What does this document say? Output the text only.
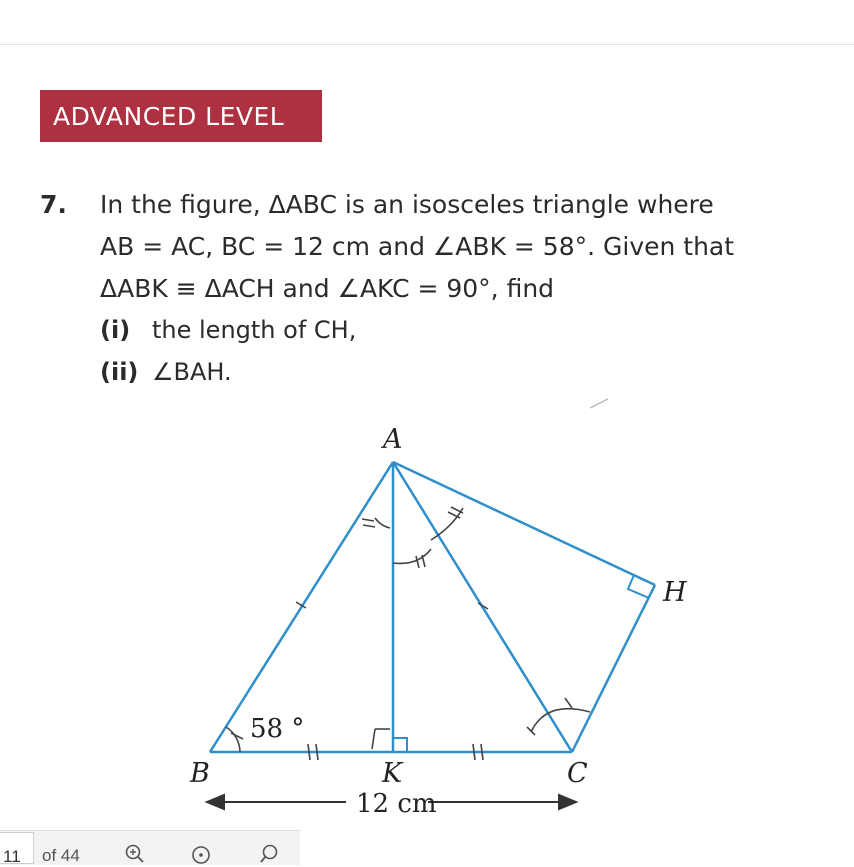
ADVANCED LEVEL
7. In the figure, ΔABC is an isosceles triangle where
AB = AC, BC = 12 cm and ∠ABK = 58°. Given that
ΔABK ≡ ΔACH and ∠AKC = 90°, find
(i) the length of CH,
(ii) ∠BAH.
A
B	C
K
H
58 °
12 cm
11	of 44
